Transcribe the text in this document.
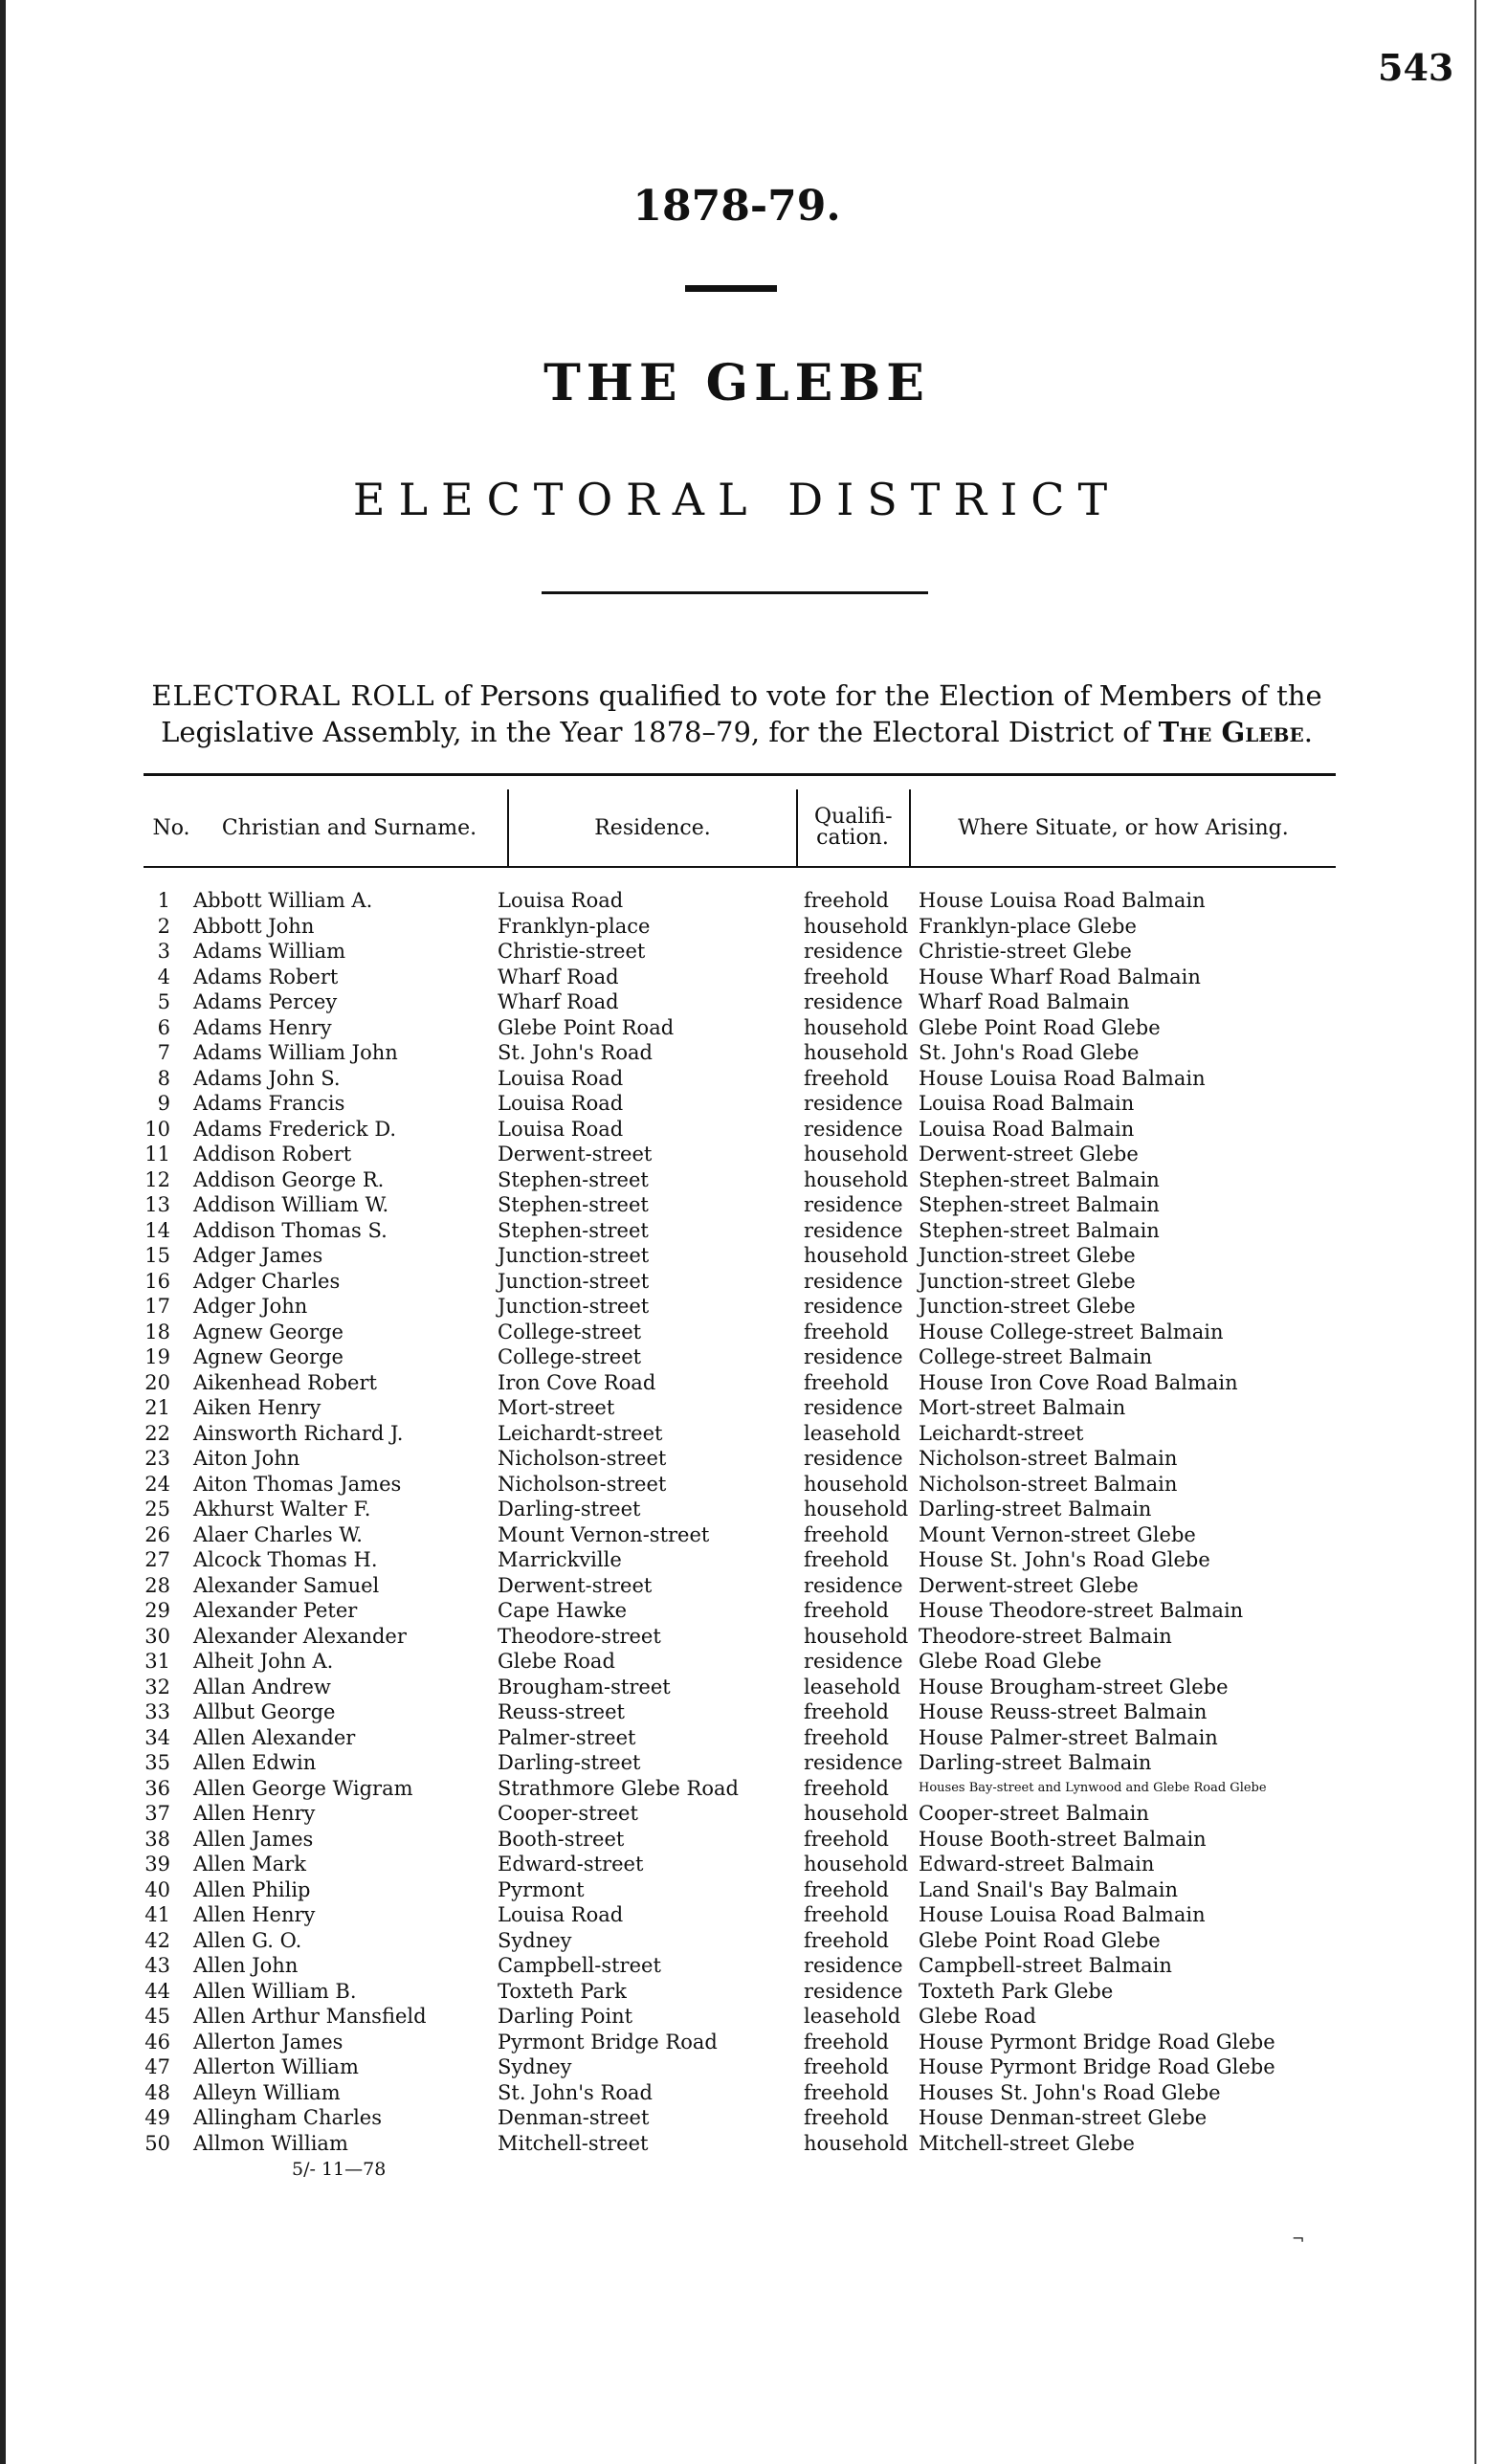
543
1878-79.
THE GLEBE
ELECTORAL DISTRICT
ELECTORAL ROLL of Persons qualified to vote for the Election of Members of the Legislative Assembly, in the Year 1878–79, for the Electoral District of The Glebe.
No.	Christian and Surname.	Residence.	Qualifi-cation.	Where Situate, or how Arising.
1 Abbott William A.	Louisa Road	freehold House Louisa Road Balmain
2 Abbott John	Franklyn-place	household Franklyn-place Glebe
3 Adams William	Christie-street	residence Christie-street Glebe
4 Adams Robert	Wharf Road	freehold House Wharf Road Balmain
5 Adams Percey	Wharf Road	residence Wharf Road Balmain
6 Adams Henry	Glebe Point Road	household Glebe Point Road Glebe
7 Adams William John	St. John's Road	household St. John's Road Glebe
8 Adams John S.	Louisa Road	freehold House Louisa Road Balmain
9 Adams Francis	Louisa Road	residence Louisa Road Balmain
10 Adams Frederick D.	Louisa Road	residence Louisa Road Balmain
11 Addison Robert	Derwent-street	household Derwent-street Glebe
12 Addison George R.	Stephen-street	household Stephen-street Balmain
13 Addison William W.	Stephen-street	residence Stephen-street Balmain
14 Addison Thomas S.	Stephen-street	residence Stephen-street Balmain
15 Adger James	Junction-street	household Junction-street Glebe
16 Adger Charles	Junction-street	residence Junction-street Glebe
17 Adger John	Junction-street	residence Junction-street Glebe
18 Agnew George	College-street	freehold House College-street Balmain
19 Agnew George	College-street	residence College-street Balmain
20 Aikenhead Robert	Iron Cove Road	freehold House Iron Cove Road Balmain
21 Aiken Henry	Mort-street	residence Mort-street Balmain
22 Ainsworth Richard J.	Leichardt-street	leasehold Leichardt-street
23 Aiton John	Nicholson-street	residence Nicholson-street Balmain
24 Aiton Thomas James	Nicholson-street	household Nicholson-street Balmain
25 Akhurst Walter F.	Darling-street	household Darling-street Balmain
26 Alaer Charles W.	Mount Vernon-street	freehold Mount Vernon-street Glebe
27 Alcock Thomas H.	Marrickville	freehold House St. John's Road Glebe
28 Alexander Samuel	Derwent-street	residence Derwent-street Glebe
29 Alexander Peter	Cape Hawke	freehold House Theodore-street Balmain
30 Alexander Alexander	Theodore-street	household Theodore-street Balmain
31 Alheit John A.	Glebe Road	residence Glebe Road Glebe
32 Allan Andrew	Brougham-street	leasehold House Brougham-street Glebe
33 Allbut George	Reuss-street	freehold House Reuss-street Balmain
34 Allen Alexander	Palmer-street	freehold House Palmer-street Balmain
35 Allen Edwin	Darling-street	residence Darling-street Balmain
36 Allen George Wigram	Strathmore Glebe Road	freehold Houses Bay-street and Lynwood and Glebe Road Glebe
37 Allen Henry	Cooper-street	household Cooper-street Balmain
38 Allen James	Booth-street	freehold House Booth-street Balmain
39 Allen Mark	Edward-street	household Edward-street Balmain
40 Allen Philip	Pyrmont	freehold Land Snail's Bay Balmain
41 Allen Henry	Louisa Road	freehold House Louisa Road Balmain
42 Allen G. O.	Sydney	freehold Glebe Point Road Glebe
43 Allen John	Campbell-street	residence Campbell-street Balmain
44 Allen William B.	Toxteth Park	residence Toxteth Park Glebe
45 Allen Arthur Mansfield	Darling Point	leasehold Glebe Road
46 Allerton James	Pyrmont Bridge Road	freehold House Pyrmont Bridge Road Glebe
47 Allerton William	Sydney	freehold House Pyrmont Bridge Road Glebe
48 Alleyn William	St. John's Road	freehold Houses St. John's Road Glebe
49 Allingham Charles	Denman-street	freehold House Denman-street Glebe
50 Allmon William	Mitchell-street	household Mitchell-street Glebe
5/- 11—78
¬
